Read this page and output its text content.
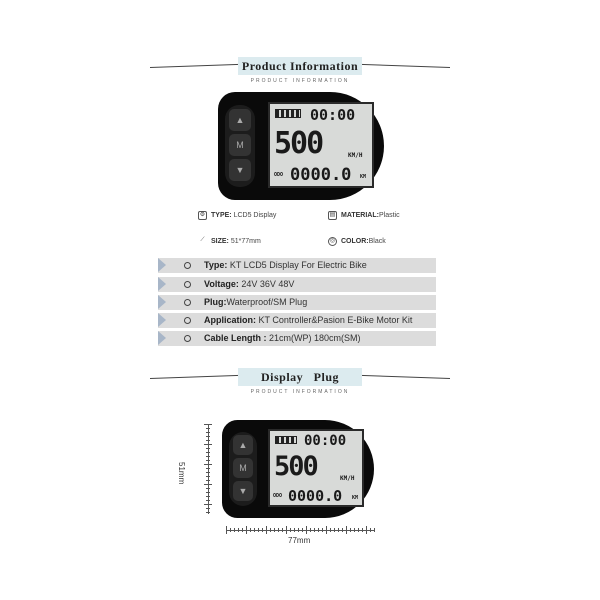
Product Information
PRODUCT INFORMATION
▲
M
▼
00:00
500	KM/H
ODO 0000.0 KM
⚙ TYPE: LCD5 Display	▤ MATERIAL:Plastic
⟋ SIZE: 51*77mm	◎ COLOR:Black
Type: KT LCD5 Display For Electric Bike
Voltage: 24V 36V 48V
Plug:Waterproof/SM Plug
Application: KT Controller&Pasion E-Bike Motor Kit
Cable Length : 21cm(WP) 180cm(SM)
Display   Plug
PRODUCT INFORMATION
▲
M
▼
00:00
500	KM/H
ODO 0000.0 KM
51mm
77mm
